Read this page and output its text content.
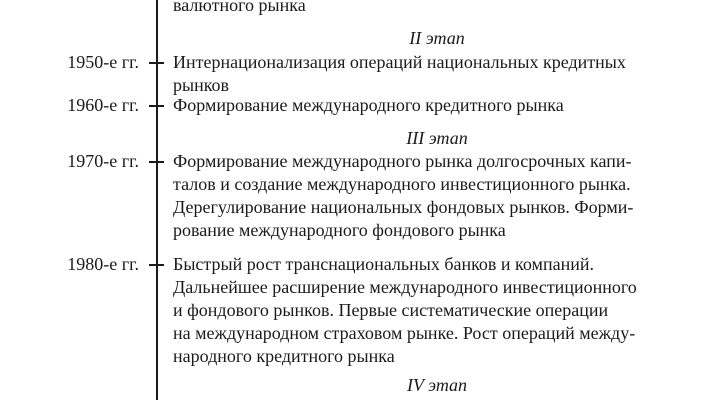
валютного рынка
II этап
1950-е гг. Интернационализация операций национальных кредитных
рынков
1960-е гг. Формирование международного кредитного рынка
III этап
1970-е гг. Формирование международного рынка долгосрочных капи-
талов и создание международного инвестиционного рынка.
Дерегулирование национальных фондовых рынков. Форми-
рование международного фондового рынка
1980-е гг. Быстрый рост транснациональных банков и компаний.
Дальнейшее расширение международного инвестиционного
и фондового рынков. Первые систематические операции
на международном страховом рынке. Рост операций между-
народного кредитного рынка
IV этап
